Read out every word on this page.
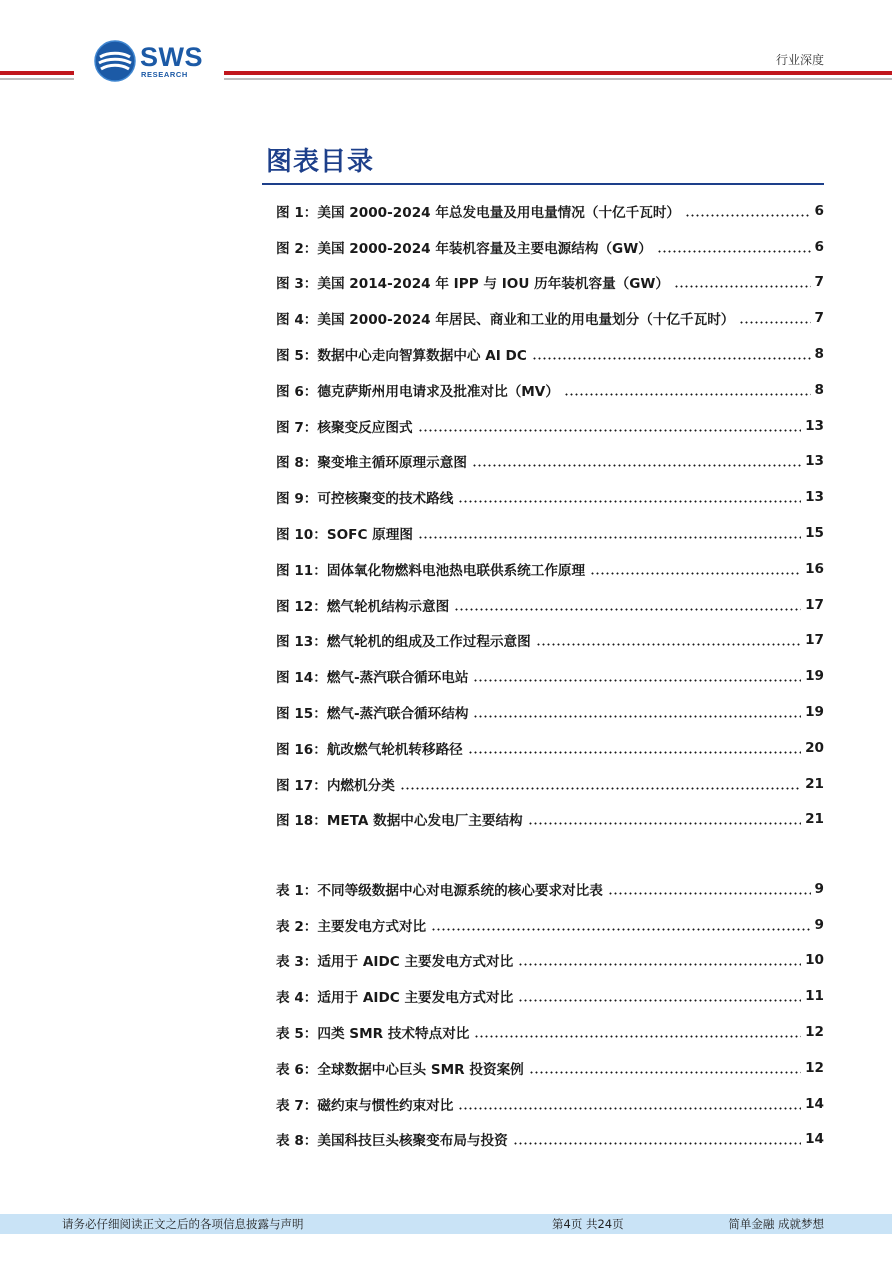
SWS
RESEARCH
行业深度
图表目录
图 1：美国 2000-2024 年总发电量及用电量情况（十亿千瓦时）	6
图 2：美国 2000-2024 年装机容量及主要电源结构（GW）	6
图 3：美国 2014-2024 年 IPP 与 IOU 历年装机容量（GW）	7
图 4：美国 2000-2024 年居民、商业和工业的用电量划分（十亿千瓦时）	7
图 5：数据中心走向智算数据中心 AI DC	8
图 6：德克萨斯州用电请求及批准对比（MV）	8
图 7：核聚变反应图式	13
图 8：聚变堆主循环原理示意图	13
图 9：可控核聚变的技术路线	13
图 10：SOFC 原理图	15
图 11：固体氧化物燃料电池热电联供系统工作原理	16
图 12：燃气轮机结构示意图	17
图 13：燃气轮机的组成及工作过程示意图	17
图 14：燃气-蒸汽联合循环电站	19
图 15：燃气-蒸汽联合循环结构	19
图 16：航改燃气轮机转移路径	20
图 17：内燃机分类	21
图 18：META 数据中心发电厂主要结构	21
表 1：不同等级数据中心对电源系统的核心要求对比表	9
表 2：主要发电方式对比	9
表 3：适用于 AIDC 主要发电方式对比	10
表 4：适用于 AIDC 主要发电方式对比	11
表 5：四类 SMR 技术特点对比	12
表 6：全球数据中心巨头 SMR 投资案例	12
表 7：磁约束与惯性约束对比	14
表 8：美国科技巨头核聚变布局与投资	14
请务必仔细阅读正文之后的各项信息披露与声明	第4页 共24页	简单金融 成就梦想
